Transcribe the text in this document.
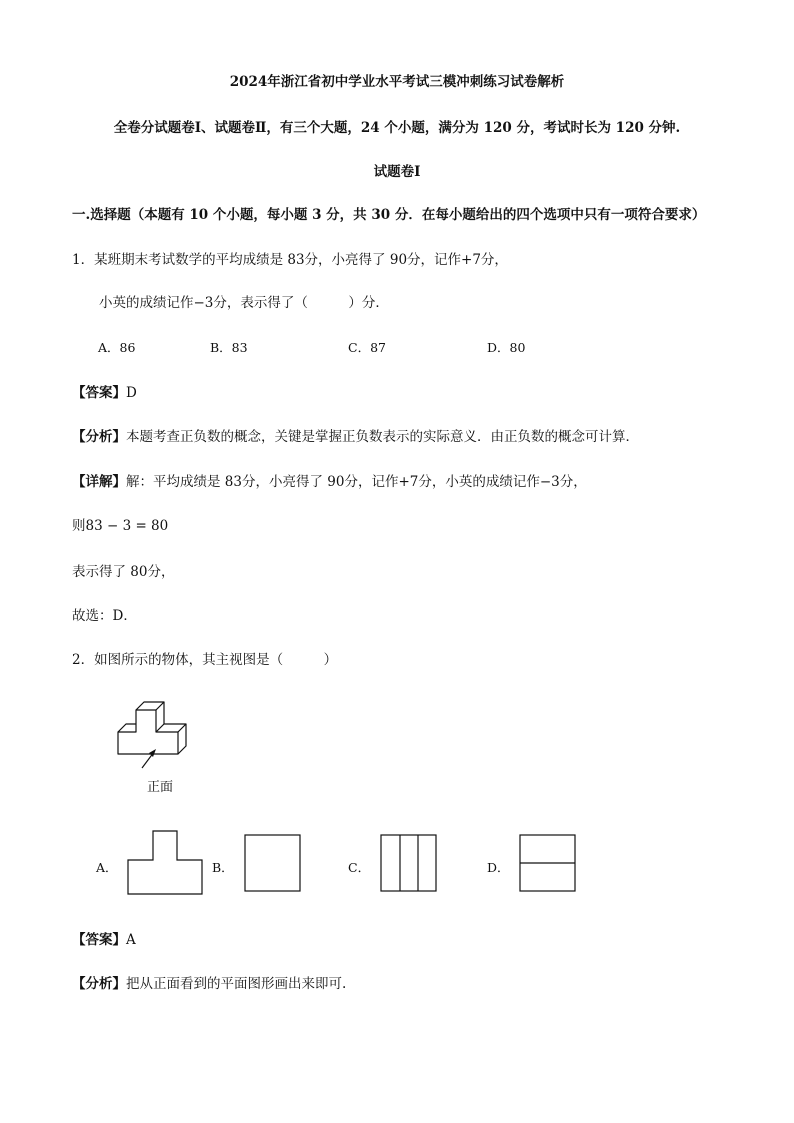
2024年浙江省初中学业水平考试三模冲刺练习试卷解析
全卷分试题卷Ⅰ、试题卷Ⅱ，有三个大题，24 个小题，满分为 120 分，考试时长为 120 分钟.
试题卷Ⅰ
一.选择题（本题有 10 个小题，每小题 3 分，共 30 分．在每小题给出的四个选项中只有一项符合要求）
1．某班期末考试数学的平均成绩是 83分，小亮得了 90分，记作+7分，
小英的成绩记作−3分，表示得了（　　　）分．
A．86	B．83	C．87	D．80
【答案】D
【分析】本题考查正负数的概念，关键是掌握正负数表示的实际意义．由正负数的概念可计算．
【详解】解：平均成绩是 83分，小亮得了 90分，记作+7分，小英的成绩记作−3分，
则83 − 3 = 80
表示得了 80分，
故选：D．
2．如图所示的物体，其主视图是（　　　）
正面
A．	B．	C．	D．
【答案】A
【分析】把从正面看到的平面图形画出来即可.
